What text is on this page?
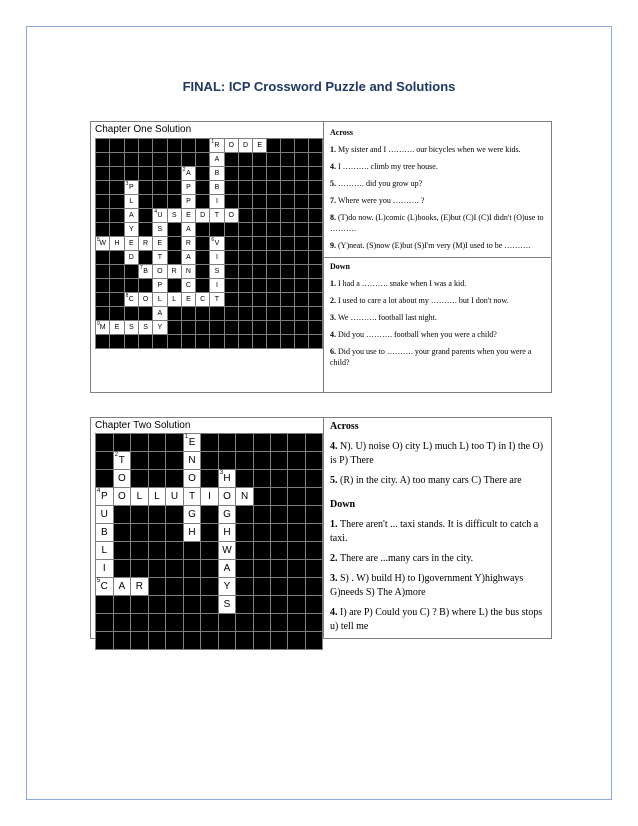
FINAL: ICP Crossword Puzzle and Solutions
Chapter One Solution

								1 R	O	D	E				
								A							

						2 A		B							

		3 P				P		B							
		L				P		I							
		A		4 U	S	E	D	T	O						
		Y		S		A									

5 W	H	E	R	E		R		6 V							
		D		T		A		I							

			7 B	O	R	N		S							
				P		C		I							

		8 C	O	L	L	E	C	T							
				A											

9 M	E	S	S	Y											

Across

1. My sister and I ………. our bicycles when we were kids.

4. I ………. climb my tree house.

5. ………. did you grow up?

7. Where were you ………. ?

8. (T)do now. (L)comic (L)books, (E)but (C)I (C)I didn't (O)use to ……….

9. (Y)neat. (S)now (E)but (S)I'm very (M)I used to be ……….

Down

1. I had a ………. snake when I was a kid.

2. I used to care a lot about my ………. but I don't now.

3. We ………. football last night.

4. Did you ………. football when you were a child?

6. Did you use to ………. your grand parents when you were a child?

Chapter Two Solution

					1 E							

	2 T				N							
	O				O		3 H					

4 P	O	L	L	U	T	I	O	N				
U					G		G					
B					H		H					
L							W					
I							A					

5 C	A	R					Y					
							S					

Across

4. N). U) noise O) city L) much L) too T) in I) the O) is P) There

5. (R) in the city. A) too many cars C) There are

Down

1. There aren't ... taxi stands. It is difficult to catch a taxi.

2. There are ...many cars in the city.

3. S) . W) build H) to I)government Y)highways G)needs S) The A)more

4. I) are P) Could you C) ? B) where L) the bus stops u) tell me
